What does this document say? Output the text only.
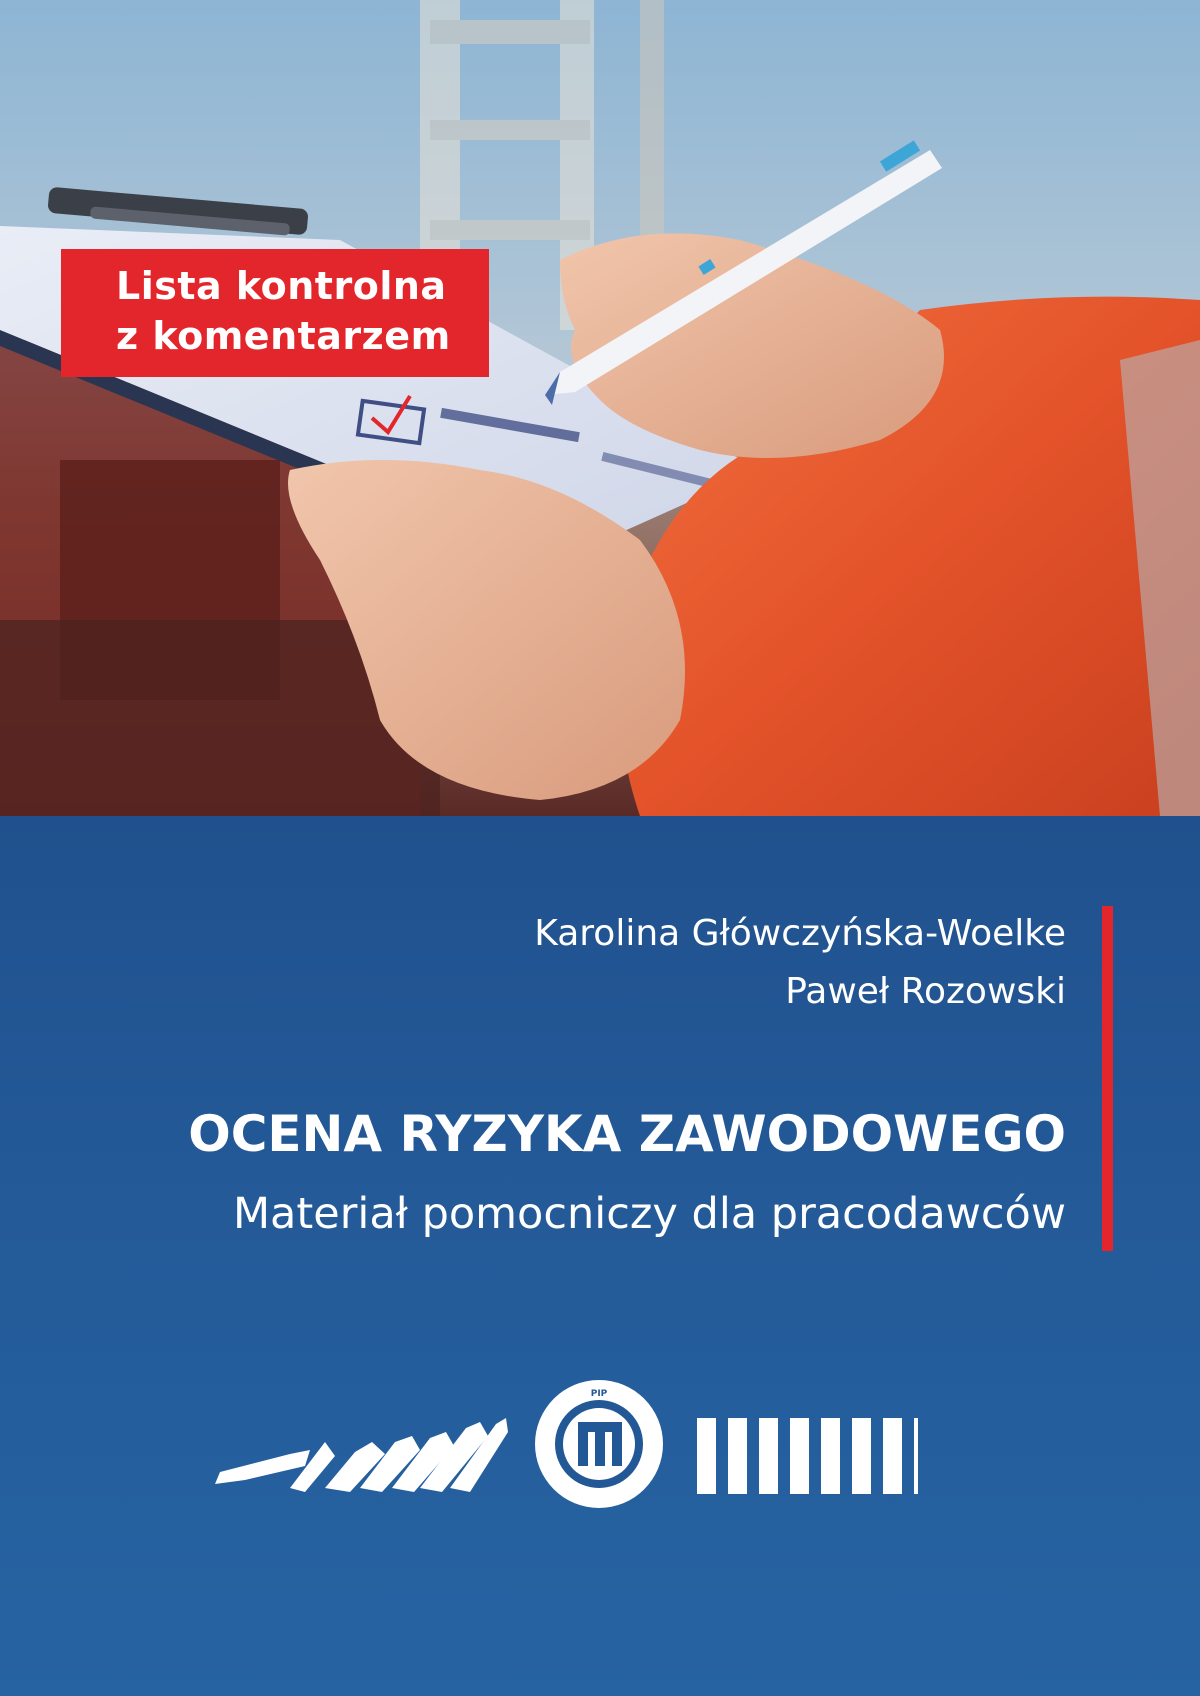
Lista kontrolna
z komentarzem
Karolina Główczyńska-Woelke
Paweł Rozowski
OCENA RYZYKA ZAWODOWEGO
Materiał pomocniczy dla pracodawców
PIP
